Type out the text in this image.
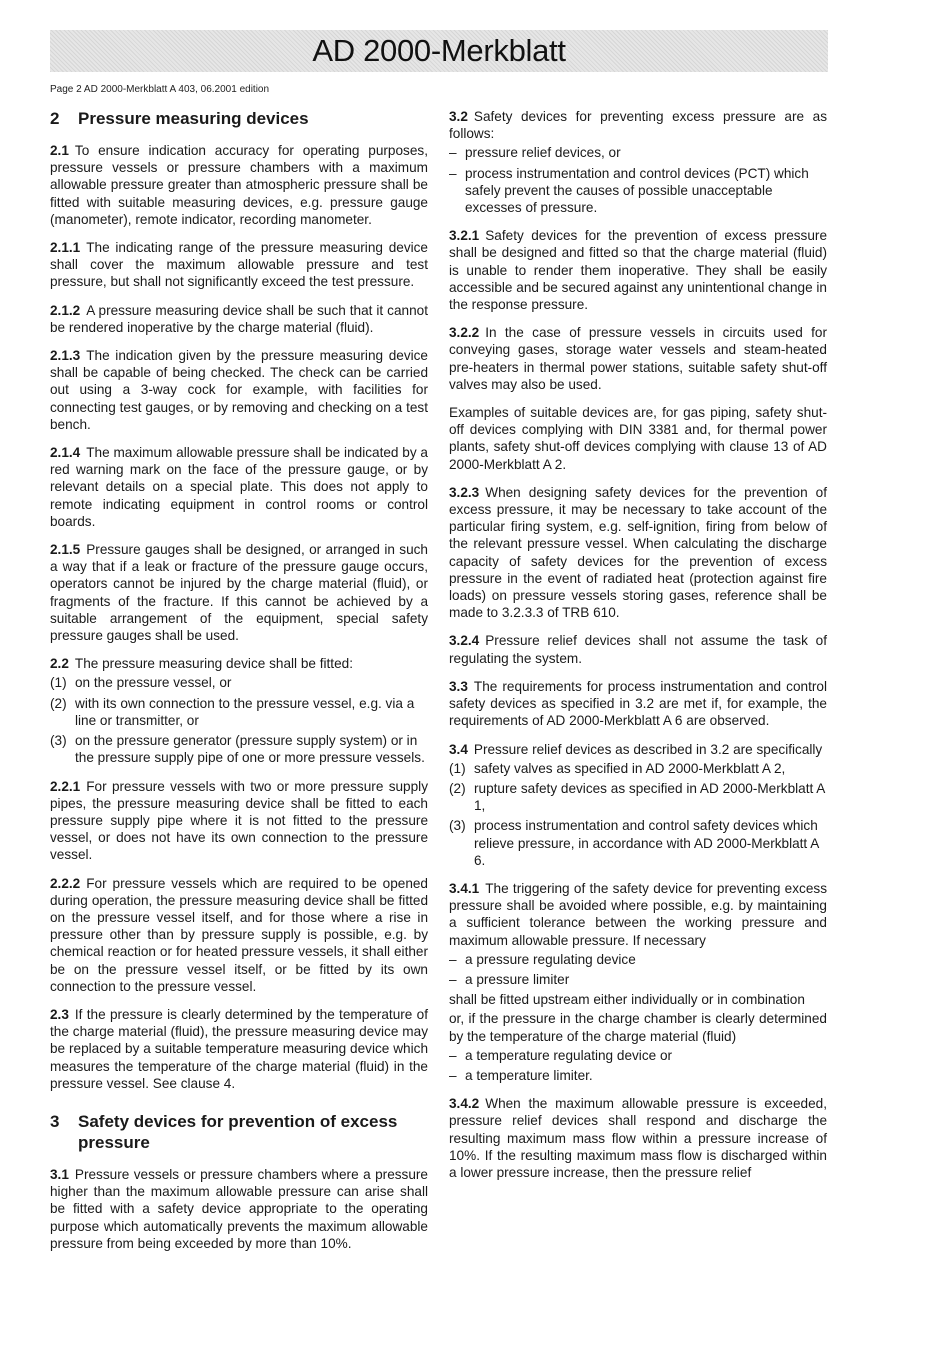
AD 2000-Merkblatt
Page 2 AD 2000-Merkblatt A 403, 06.2001 edition
2	Pressure measuring devices
2.1 To ensure indication accuracy for operating purposes, pressure vessels or pressure chambers with a maximum allowable pressure greater than atmospheric pressure shall be fitted with suitable measuring devices, e.g. pressure gauge (manometer), remote indicator, recording manometer.
2.1.1 The indicating range of the pressure measuring device shall cover the maximum allowable pressure and test pressure, but shall not significantly exceed the test pressure.
2.1.2 A pressure measuring device shall be such that it cannot be rendered inoperative by the charge material (fluid).
2.1.3 The indication given by the pressure measuring device shall be capable of being checked. The check can be carried out using a 3-way cock for example, with facilities for connecting test gauges, or by removing and checking on a test bench.
2.1.4 The maximum allowable pressure shall be indicated by a red warning mark on the face of the pressure gauge, or by relevant details on a special plate. This does not apply to remote indicating equipment in control rooms or control boards.
2.1.5 Pressure gauges shall be designed, or arranged in such a way that if a leak or fracture of the pressure gauge occurs, operators cannot be injured by the charge material (fluid), or fragments of the fracture. If this cannot be achieved by a suitable arrangement of the equipment, special safety pressure gauges shall be used.
2.2 The pressure measuring device shall be fitted:
(1) on the pressure vessel, or
(2) with its own connection to the pressure vessel, e.g. via a line or transmitter, or
(3) on the pressure generator (pressure supply system) or in the pressure supply pipe of one or more pressure vessels.
2.2.1 For pressure vessels with two or more pressure supply pipes, the pressure measuring device shall be fitted to each pressure supply pipe where it is not fitted to the pressure vessel, or does not have its own connection to the pressure vessel.
2.2.2 For pressure vessels which are required to be opened during operation, the pressure measuring device shall be fitted on the pressure vessel itself, and for those where a rise in pressure other than by pressure supply is possible, e.g. by chemical reaction or for heated pressure vessels, it shall either be on the pressure vessel itself, or be fitted by its own connection to the pressure vessel.
2.3 If the pressure is clearly determined by the temperature of the charge material (fluid), the pressure measuring device may be replaced by a suitable temperature measuring device which measures the temperature of the charge material (fluid) in the pressure vessel. See clause 4.
3	Safety devices for prevention of excess pressure
3.1 Pressure vessels or pressure chambers where a pressure higher than the maximum allowable pressure can arise shall be fitted with a safety device appropriate to the operating purpose which automatically prevents the maximum allowable pressure from being exceeded by more than 10%.
3.2 Safety devices for preventing excess pressure are as follows:
– pressure relief devices, or
– process instrumentation and control devices (PCT) which safely prevent the causes of possible unacceptable excesses of pressure.
3.2.1 Safety devices for the prevention of excess pressure shall be designed and fitted so that the charge material (fluid) is unable to render them inoperative. They shall be easily accessible and be secured against any unintentional change in the response pressure.
3.2.2 In the case of pressure vessels in circuits used for conveying gases, storage water vessels and steam-heated pre-heaters in thermal power stations, suitable safety shut-off valves may also be used.
Examples of suitable devices are, for gas piping, safety shut-off devices complying with DIN 3381 and, for thermal power plants, safety shut-off devices complying with clause 13 of AD 2000-Merkblatt A 2.
3.2.3 When designing safety devices for the prevention of excess pressure, it may be necessary to take account of the particular firing system, e.g. self-ignition, firing from below of the relevant pressure vessel. When calculating the discharge capacity of safety devices for the prevention of excess pressure in the event of radiated heat (protection against fire loads) on pressure vessels storing gases, reference shall be made to 3.2.3.3 of TRB 610.
3.2.4 Pressure relief devices shall not assume the task of regulating the system.
3.3 The requirements for process instrumentation and control safety devices as specified in 3.2 are met if, for example, the requirements of AD 2000-Merkblatt A 6 are observed.
3.4 Pressure relief devices as described in 3.2 are specifically
(1) safety valves as specified in AD 2000-Merkblatt A 2,
(2) rupture safety devices as specified in AD 2000-Merkblatt A 1,
(3) process instrumentation and control safety devices which relieve pressure, in accordance with AD 2000-Merkblatt A 6.
3.4.1 The triggering of the safety device for preventing excess pressure shall be avoided where possible, e.g. by maintaining a sufficient tolerance between the working pressure and maximum allowable pressure. If necessary
– a pressure regulating device
– a pressure limiter
shall be fitted upstream either individually or in combination
or, if the pressure in the charge chamber is clearly determined by the temperature of the charge material (fluid)
– a temperature regulating device or
– a temperature limiter.
3.4.2 When the maximum allowable pressure is exceeded, pressure relief devices shall respond and discharge the resulting maximum mass flow within a pressure increase of 10%. If the resulting maximum mass flow is discharged within a lower pressure increase, then the pressure relief
